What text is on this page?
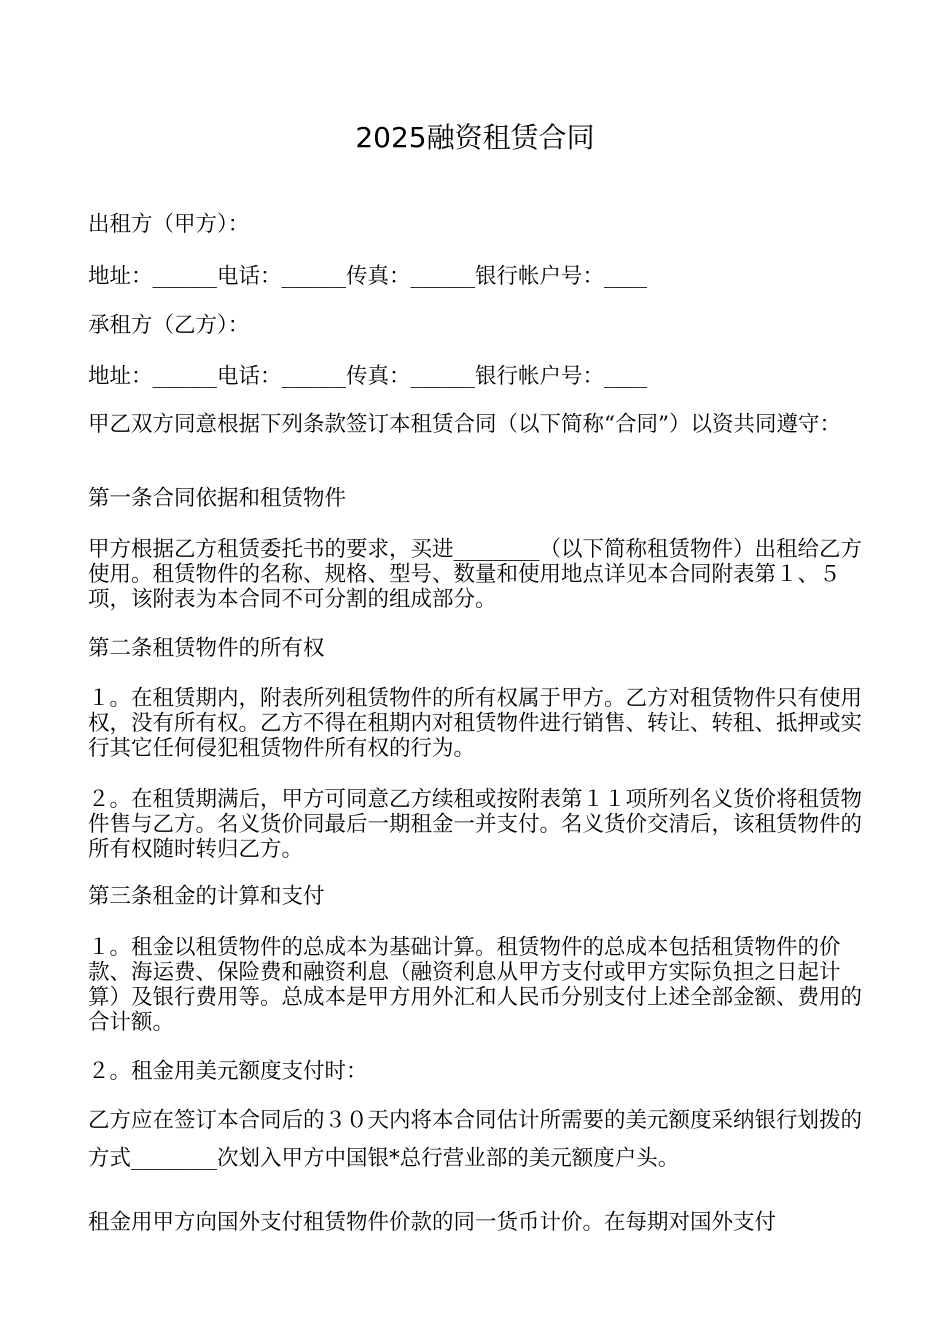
2025融资租赁合同

出租方（甲方）：

地址：______电话：______传真：______银行帐户号：____

承租方（乙方）：

地址：______电话：______传真：______银行帐户号：____

甲乙双方同意根据下列条款签订本租赁合同（以下简称“合同”）以资共同遵守：

第一条合同依据和租赁物件

甲方根据乙方租赁委托书的要求，买进________（以下简称租赁物件）出租给乙方使用。租赁物件的名称、规格、型号、数量和使用地点详见本合同附表第１、５项，该附表为本合同不可分割的组成部分。

第二条租赁物件的所有权

１。在租赁期内，附表所列租赁物件的所有权属于甲方。乙方对租赁物件只有使用权，没有所有权。乙方不得在租期内对租赁物件进行销售、转让、转租、抵押或实行其它任何侵犯租赁物件所有权的行为。

２。在租赁期满后，甲方可同意乙方续租或按附表第１１项所列名义货价将租赁物件售与乙方。名义货价同最后一期租金一并支付。名义货价交清后，该租赁物件的所有权随时转归乙方。

第三条租金的计算和支付

１。租金以租赁物件的总成本为基础计算。租赁物件的总成本包括租赁物件的价款、海运费、保险费和融资利息（融资利息从甲方支付或甲方实际负担之日起计算）及银行费用等。总成本是甲方用外汇和人民币分别支付上述全部金额、费用的合计额。

２。租金用美元额度支付时：

乙方应在签订本合同后的３０天内将本合同估计所需要的美元额度采纳银行划拨的方式________次划入甲方中国银*总行营业部的美元额度户头。

租金用甲方向国外支付租赁物件价款的同一货币计价。在每期对国外支付
